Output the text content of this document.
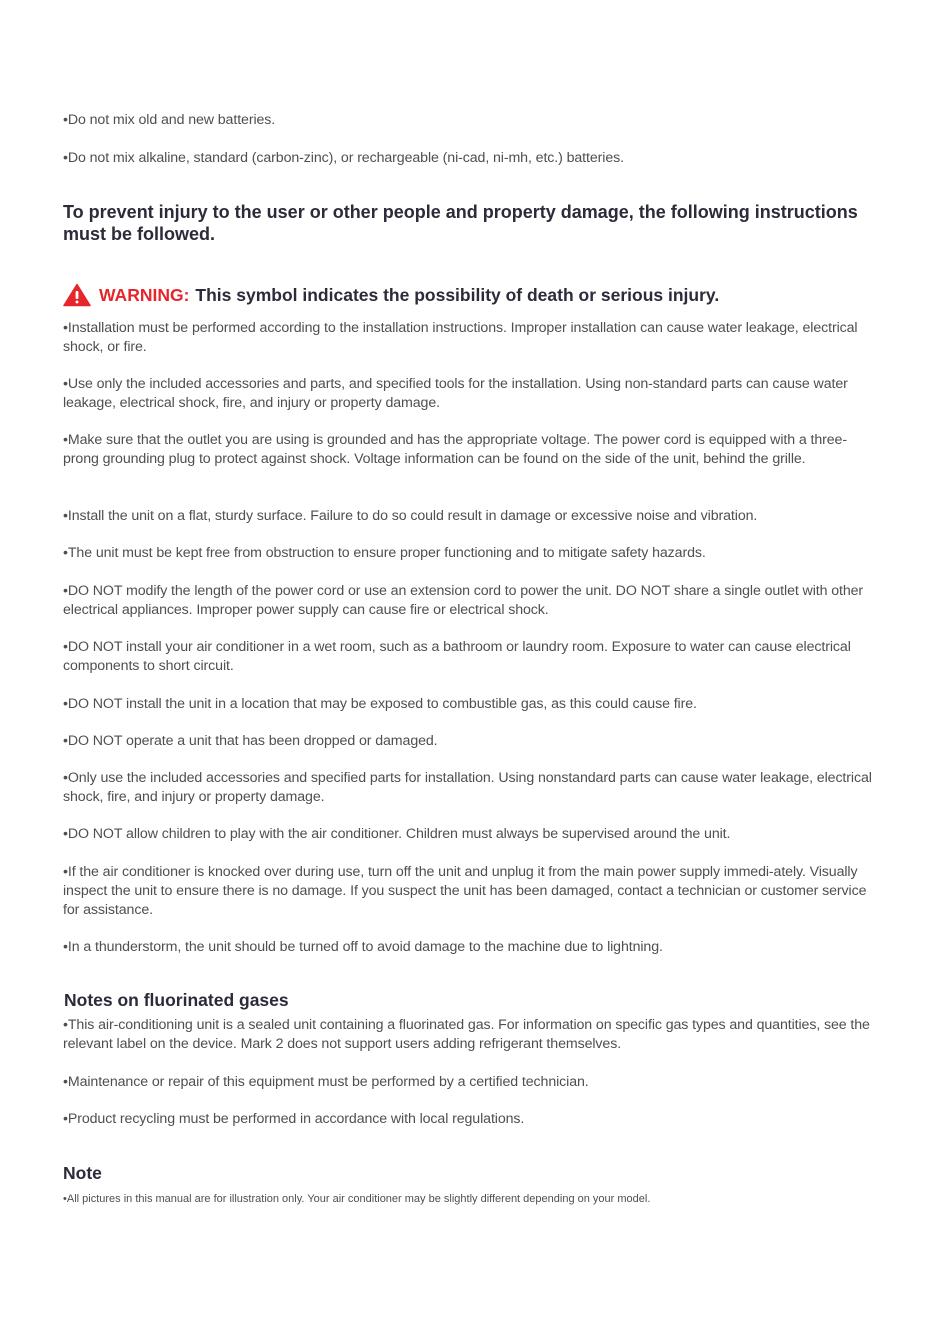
•Do not mix old and new batteries.
•Do not mix alkaline, standard (carbon-zinc), or rechargeable (ni-cad, ni-mh, etc.) batteries.
To prevent injury to the user or other people and property damage, the following instructions must be followed.
WARNING: This symbol indicates the possibility of death or serious injury.
•Installation must be performed according to the installation instructions. Improper installation can cause water leakage, electrical shock, or fire.
•Use only the included accessories and parts, and specified tools for the installation. Using non-standard parts can cause water leakage, electrical shock, fire, and injury or property damage.
•Make sure that the outlet you are using is grounded and has the appropriate voltage. The power cord is equipped with a three-prong grounding plug to protect against shock. Voltage information can be found on the side of the unit, behind the grille.
•Install the unit on a flat, sturdy surface. Failure to do so could result in damage or excessive noise and vibration.
•The unit must be kept free from obstruction to ensure proper functioning and to mitigate safety hazards.
•DO NOT modify the length of the power cord or use an extension cord to power the unit. DO NOT share a single outlet with other electrical appliances. Improper power supply can cause fire or electrical shock.
•DO NOT install your air conditioner in a wet room, such as a bathroom or laundry room. Exposure to water can cause electrical components to short circuit.
•DO NOT install the unit in a location that may be exposed to combustible gas, as this could cause fire.
•DO NOT operate a unit that has been dropped or damaged.
•Only use the included accessories and specified parts for installation. Using nonstandard parts can cause water leakage, electrical shock, fire, and injury or property damage.
•DO NOT allow children to play with the air conditioner. Children must always be supervised around the unit.
•If the air conditioner is knocked over during use, turn off the unit and unplug it from the main power supply immedi-ately. Visually inspect the unit to ensure there is no damage. If you suspect the unit has been damaged, contact a technician or customer service for assistance.
•In a thunderstorm, the unit should be turned off to avoid damage to the machine due to lightning.
Notes on fluorinated gases
•This air-conditioning unit is a sealed unit containing a fluorinated gas. For information on specific gas types and quantities, see the relevant label on the device. Mark 2 does not support users adding refrigerant themselves.
•Maintenance or repair of this equipment must be performed by a certified technician.
•Product recycling must be performed in accordance with local regulations.
Note
•All pictures in this manual are for illustration only. Your air conditioner may be slightly different depending on your model.
